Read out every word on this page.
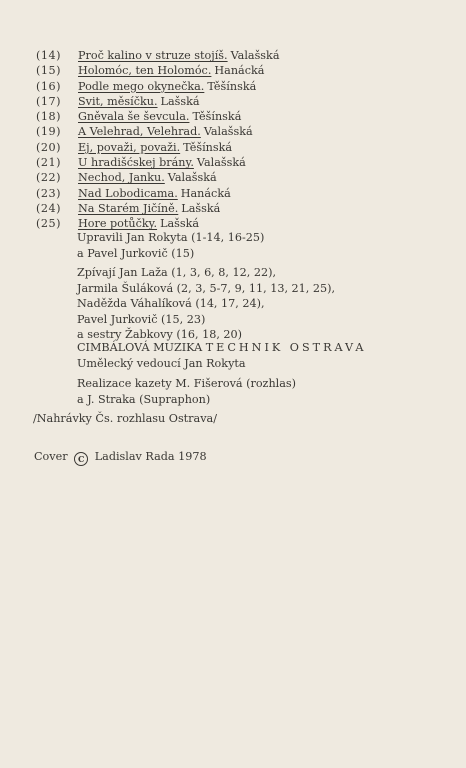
(14)	Proč kalino v struze stojíš. Valašská
(15)	Holomóc, ten Holomóc. Hanácká
(16)	Podle mego okynečka. Těšínská
(17)	Svit, měsíčku. Lašská
(18)	Gněvala še ševcula. Těšínská
(19)	A Velehrad, Velehrad. Valašská
(20)	Ej, považi, považi. Těšínská
(21)	U hradišćskej brány. Valašská
(22)	Nechod, Janku. Valašská
(23)	Nad Lobodicama. Hanácká
(24)	Na Starém Jičíně. Lašská
(25)	Hore potůčky. Lašská
Upravili Jan Rokyta (1-14, 16-25)
a Pavel Jurkovič (15)
Zpívají Jan Laža (1, 3, 6, 8, 12, 22),
Jarmila Šuláková (2, 3, 5-7, 9, 11, 13, 21, 25),
Naděžda Váhalíková (14, 17, 24),
Pavel Jurkovič (15, 23)
a sestry Žabkovy (16, 18, 20)
CIMBÁLOVÁ MUZIKA TECHNIK OSTRAVA
Umělecký vedoucí Jan Rokyta
Realizace kazety M. Fišerová (rozhlas)
a J. Straka (Supraphon)
/Nahrávky Čs. rozhlasu Ostrava/
Cover C Ladislav Rada 1978
